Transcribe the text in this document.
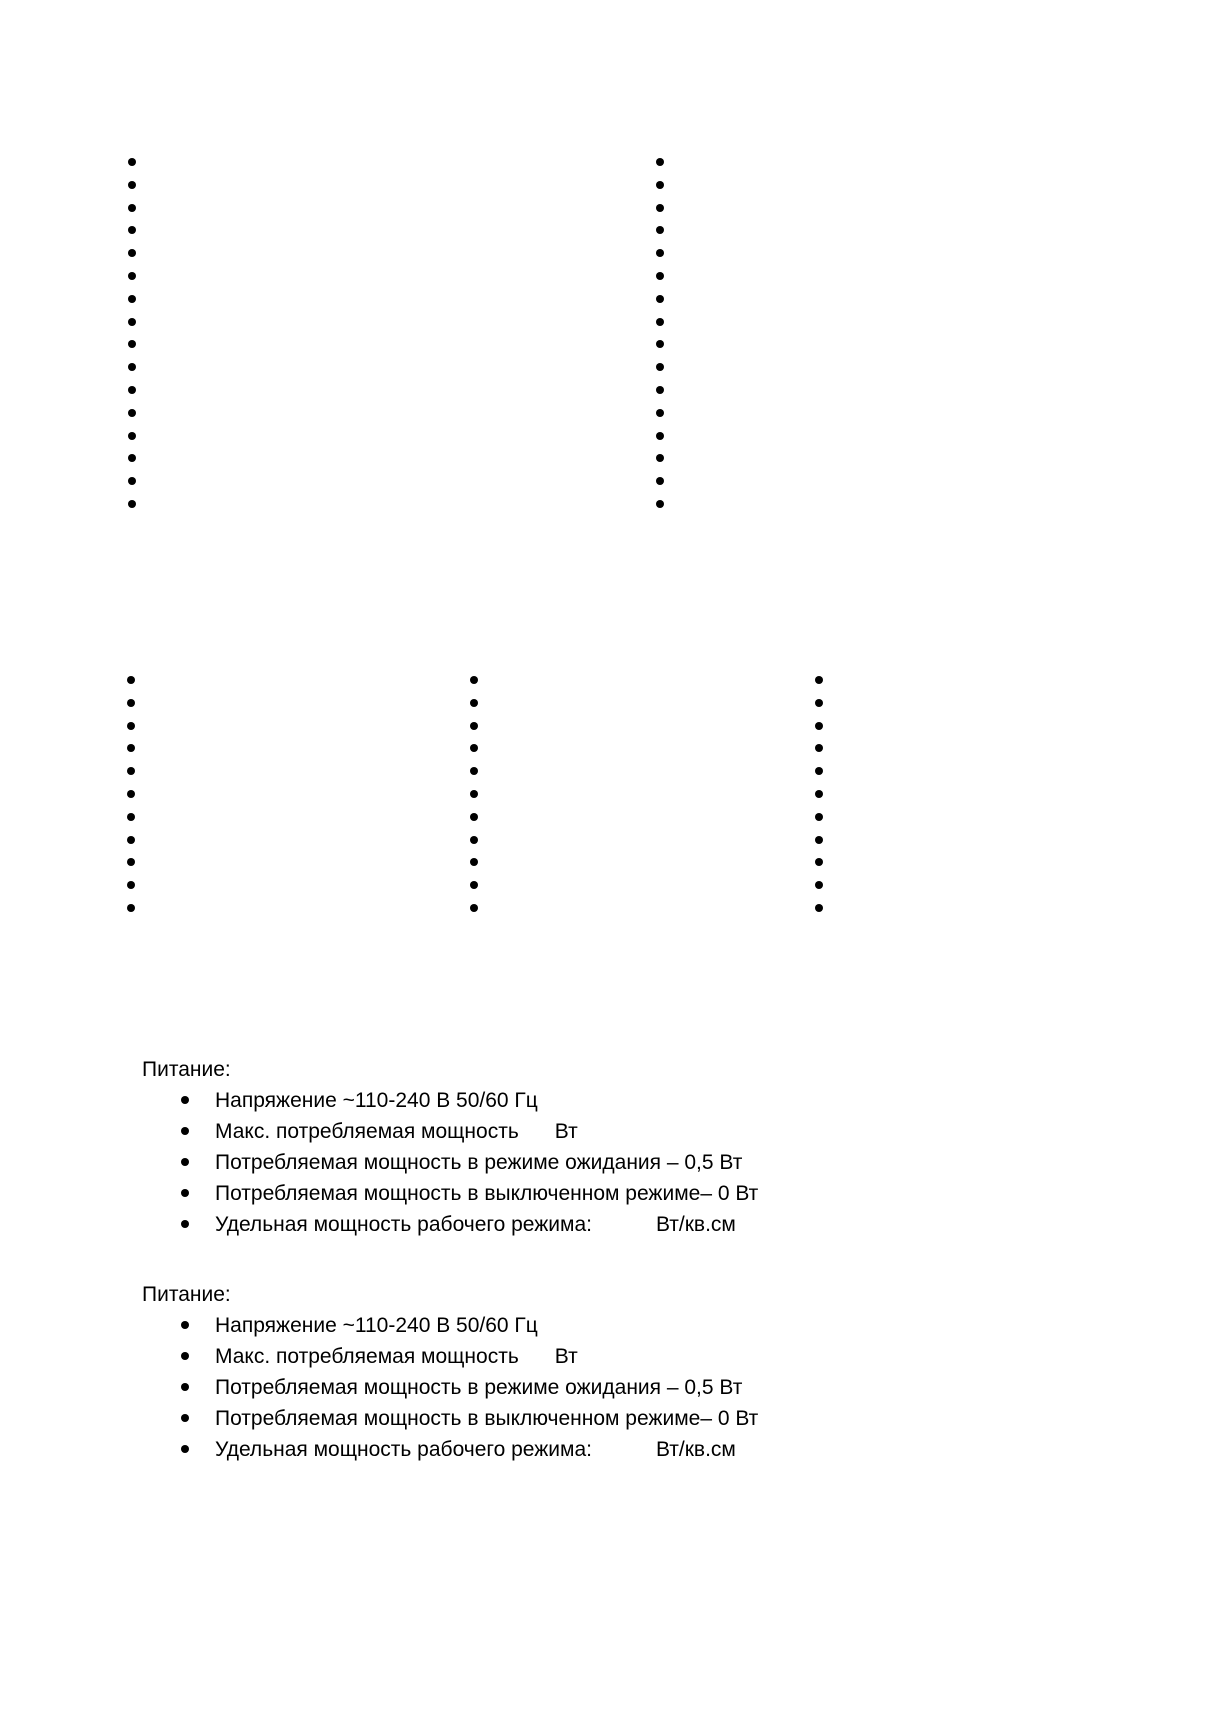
Питание:

Напряжение ~110-240 В 50/60 Гц
Макс. потребляемая мощность Вт
Потребляемая мощность в режиме ожидания – 0,5 Вт
Потребляемая мощность в выключенном режиме– 0 Вт
Удельная мощность рабочего режима:	Вт/кв.см

Питание:

Напряжение ~110-240 В 50/60 Гц
Макс. потребляемая мощность Вт
Потребляемая мощность в режиме ожидания – 0,5 Вт
Потребляемая мощность в выключенном режиме– 0 Вт
Удельная мощность рабочего режима:	Вт/кв.см
